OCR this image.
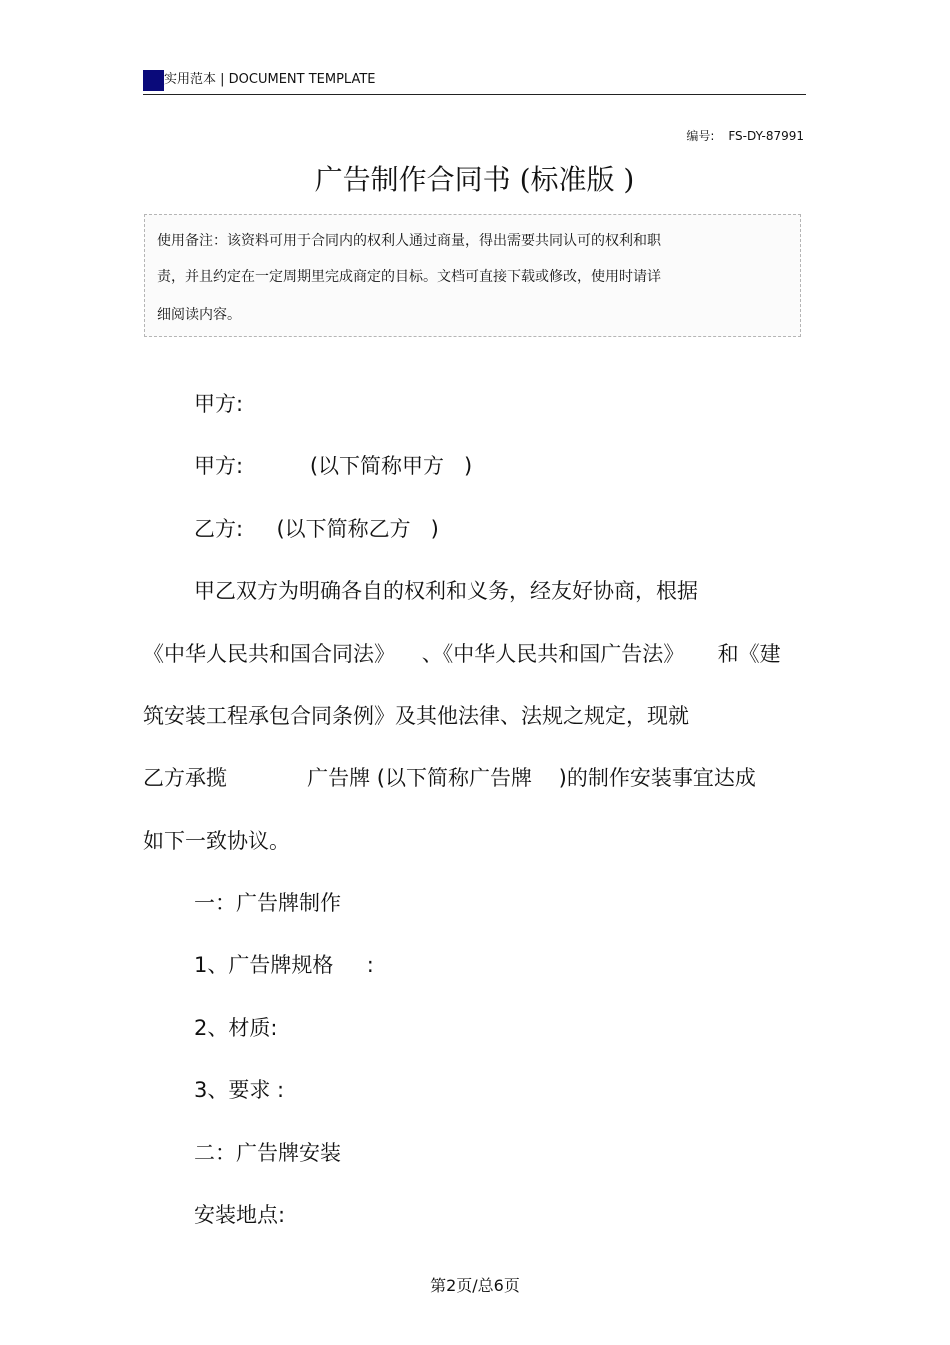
实用范本 | DOCUMENT TEMPLATE
编号: FS-DY-87991
广告制作合同书 (标准版 )
使用备注：该资料可用于合同内的权利人通过商量，得出需要共同认可的权利和职
责，并且约定在一定周期里完成商定的目标。文档可直接下载或修改，使用时请详
细阅读内容。
甲方:
甲方:          (以下简称甲方   )
乙方:     (以下简称乙方   )
甲乙双方为明确各自的权利和义务，经友好协商，根据
《中华人民共和国合同法》    、《中华人民共和国广告法》     和《建
筑安装工程承包合同条例》及其他法律、法规之规定，现就
乙方承揽            广告牌 (以下简称广告牌    )的制作安装事宜达成
如下一致协议。
一：广告牌制作
1、广告牌规格     :
2、材质:
3、要求 :
二：广告牌安装
安装地点:
第2页/总6页
